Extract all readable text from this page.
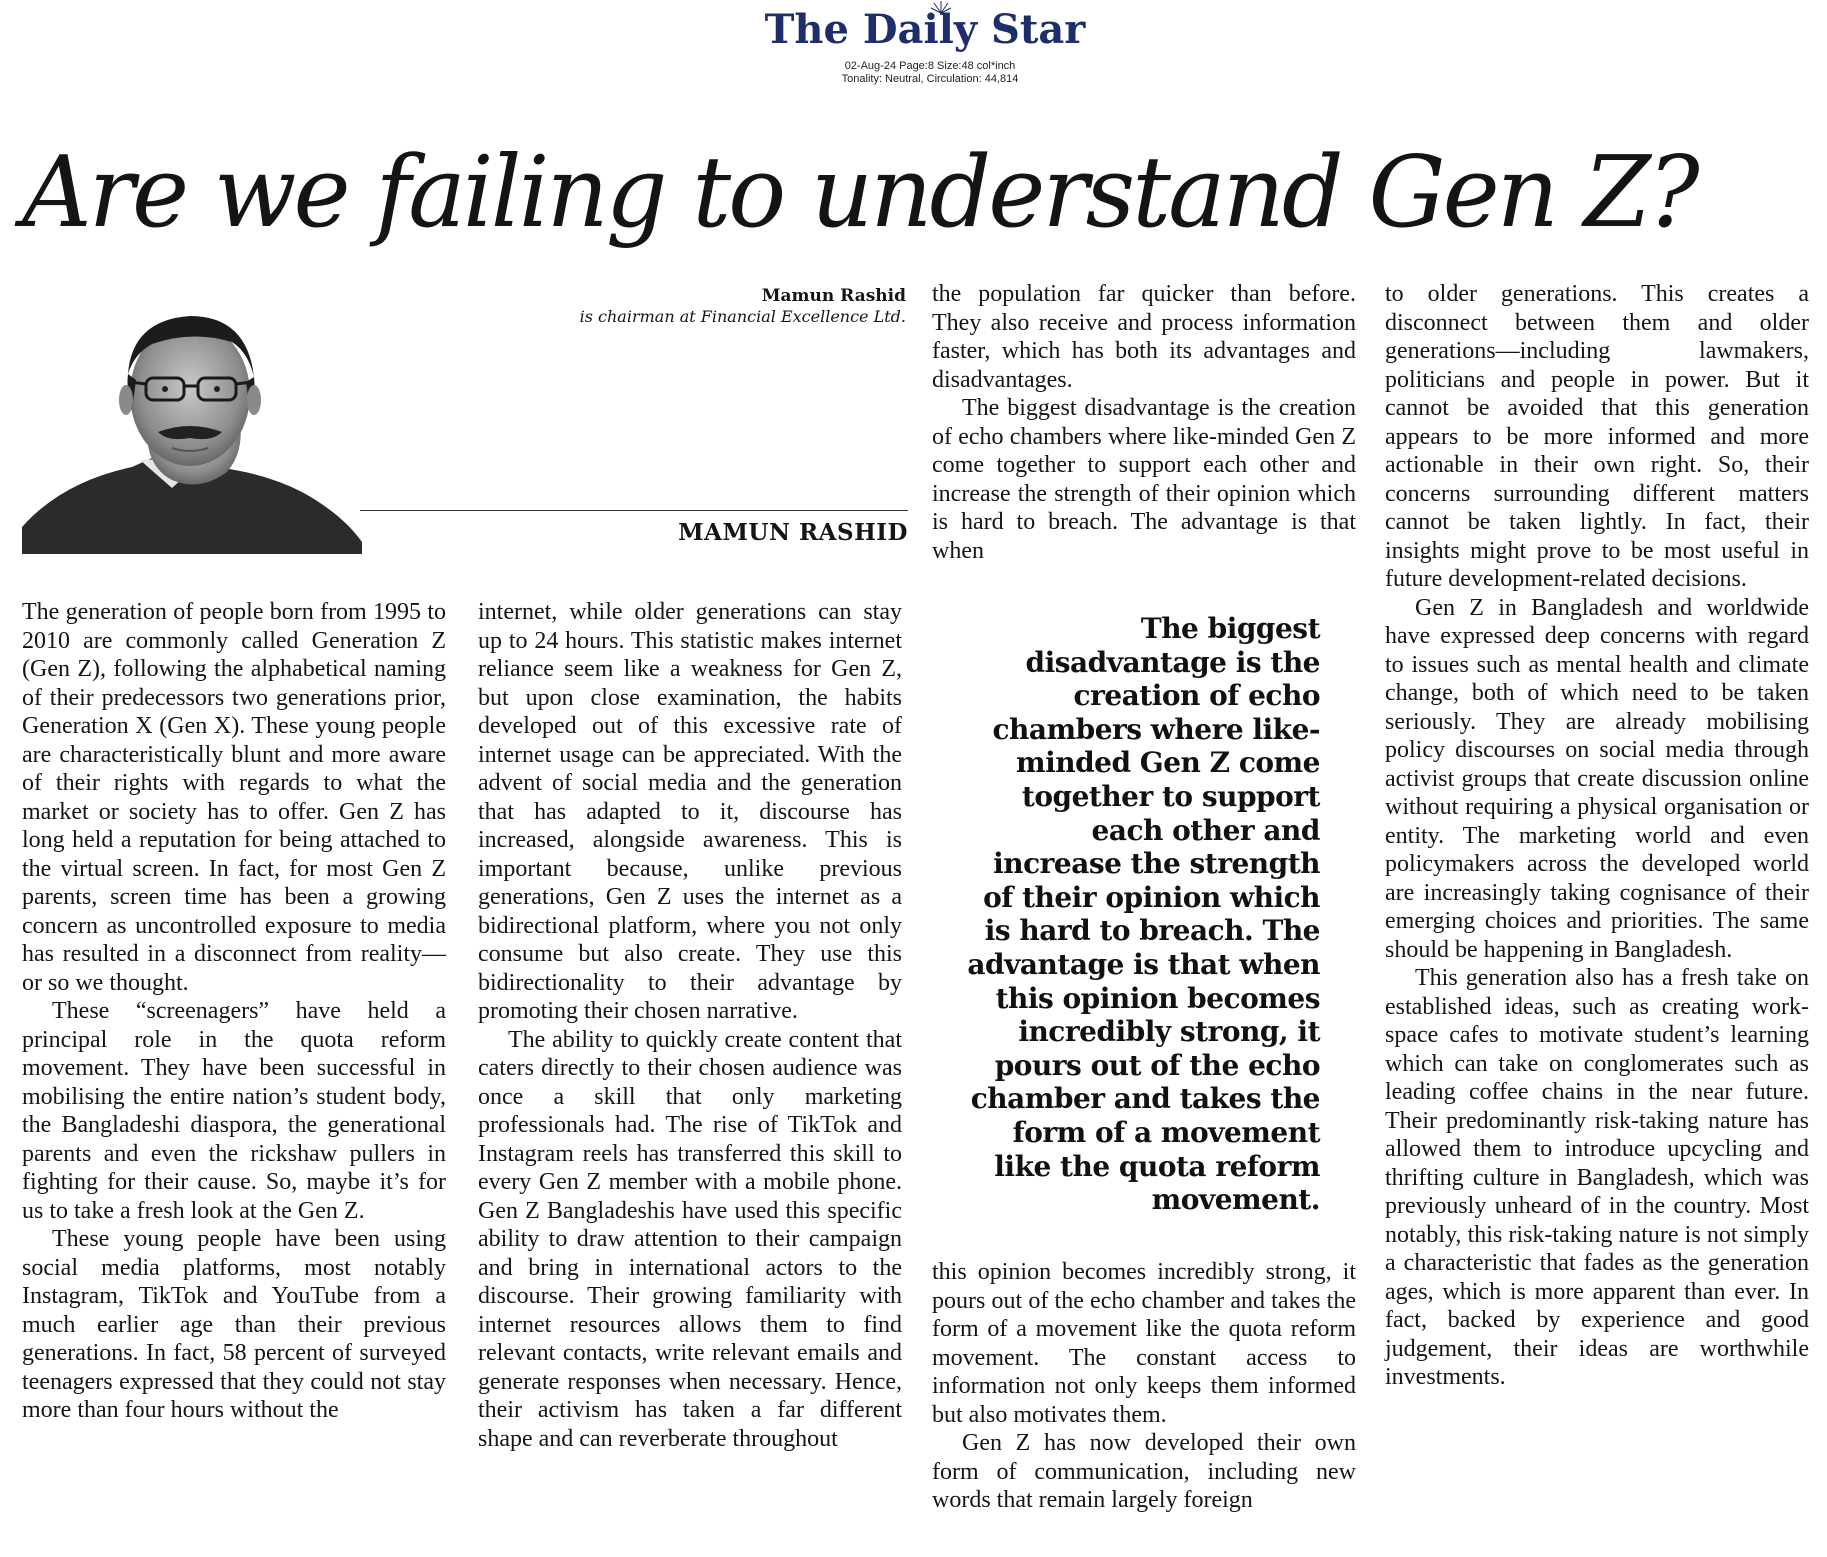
The Daily Star
02-Aug-24 Page:8 Size:48 col*inch
Tonality: Neutral, Circulation: 44,814
Are we failing to understand Gen Z?
Mamun Rashid
is chairman at Financial Excellence Ltd.
MAMUN RASHID

The generation of people born from 1995 to 2010 are commonly called Generation Z (Gen Z), following the alphabetical naming of their predecessors two generations prior, Generation X (Gen X). These young people are characteristically blunt and more aware of their rights with regards to what the market or society has to offer. Gen Z has long held a reputation for being attached to the virtual screen. In fact, for most Gen Z parents, screen time has been a growing concern as uncontrolled exposure to media has resulted in a disconnect from reality—or so we thought.

These “screenagers” have held a principal role in the quota reform movement. They have been successful in mobilising the entire nation’s student body, the Bangladeshi diaspora, the generational parents and even the rickshaw pullers in fighting for their cause. So, maybe it’s for us to take a fresh look at the Gen Z.

These young people have been using social media platforms, most notably Instagram, TikTok and YouTube from a much earlier age than their previous generations. In fact, 58 percent of surveyed teenagers expressed that they could not stay more than four hours without the

internet, while older generations can stay up to 24 hours. This statistic makes internet reliance seem like a weakness for Gen Z, but upon close examination, the habits developed out of this excessive rate of internet usage can be appreciated. With the advent of social media and the generation that has adapted to it, discourse has increased, alongside awareness. This is important because, unlike previous generations, Gen Z uses the internet as a bidirectional platform, where you not only consume but also create. They use this bidirectionality to their advantage by promoting their chosen narrative.

The ability to quickly create content that caters directly to their chosen audience was once a skill that only marketing professionals had. The rise of TikTok and Instagram reels has transferred this skill to every Gen Z member with a mobile phone. Gen Z Bangladeshis have used this specific ability to draw attention to their campaign and bring in international actors to the discourse. Their growing familiarity with internet resources allows them to find relevant contacts, write relevant emails and generate responses when necessary. Hence, their activism has taken a far different shape and can reverberate throughout

the population far quicker than before. They also receive and process information faster, which has both its advantages and disadvantages.

The biggest disadvantage is the creation of echo chambers where like-minded Gen Z come together to support each other and increase the strength of their opinion which is hard to breach. The advantage is that when

The biggest disadvantage is the creation of echo chambers where like-minded Gen Z come together to support each other and increase the strength of their opinion which is hard to breach. The advantage is that when this opinion becomes incredibly strong, it pours out of the echo chamber and takes the form of a movement like the quota reform movement.

this opinion becomes incredibly strong, it pours out of the echo chamber and takes the form of a movement like the quota reform movement. The constant access to information not only keeps them informed but also motivates them.

Gen Z has now developed their own form of communication, including new words that remain largely foreign

to older generations. This creates a disconnect between them and older generations—including lawmakers, politicians and people in power. But it cannot be avoided that this generation appears to be more informed and more actionable in their own right. So, their concerns surrounding different matters cannot be taken lightly. In fact, their insights might prove to be most useful in future development-related decisions.

Gen Z in Bangladesh and worldwide have expressed deep concerns with regard to issues such as mental health and climate change, both of which need to be taken seriously. They are already mobilising policy discourses on social media through activist groups that create discussion online without requiring a physical organisation or entity. The marketing world and even policymakers across the developed world are increasingly taking cognisance of their emerging choices and priorities. The same should be happening in Bangladesh.

This generation also has a fresh take on established ideas, such as creating work-space cafes to motivate student’s learning which can take on conglomerates such as leading coffee chains in the near future. Their predominantly risk-taking nature has allowed them to introduce upcycling and thrifting culture in Bangladesh, which was previously unheard of in the country. Most notably, this risk-taking nature is not simply a characteristic that fades as the generation ages, which is more apparent than ever. In fact, backed by experience and good judgement, their ideas are worthwhile investments.
